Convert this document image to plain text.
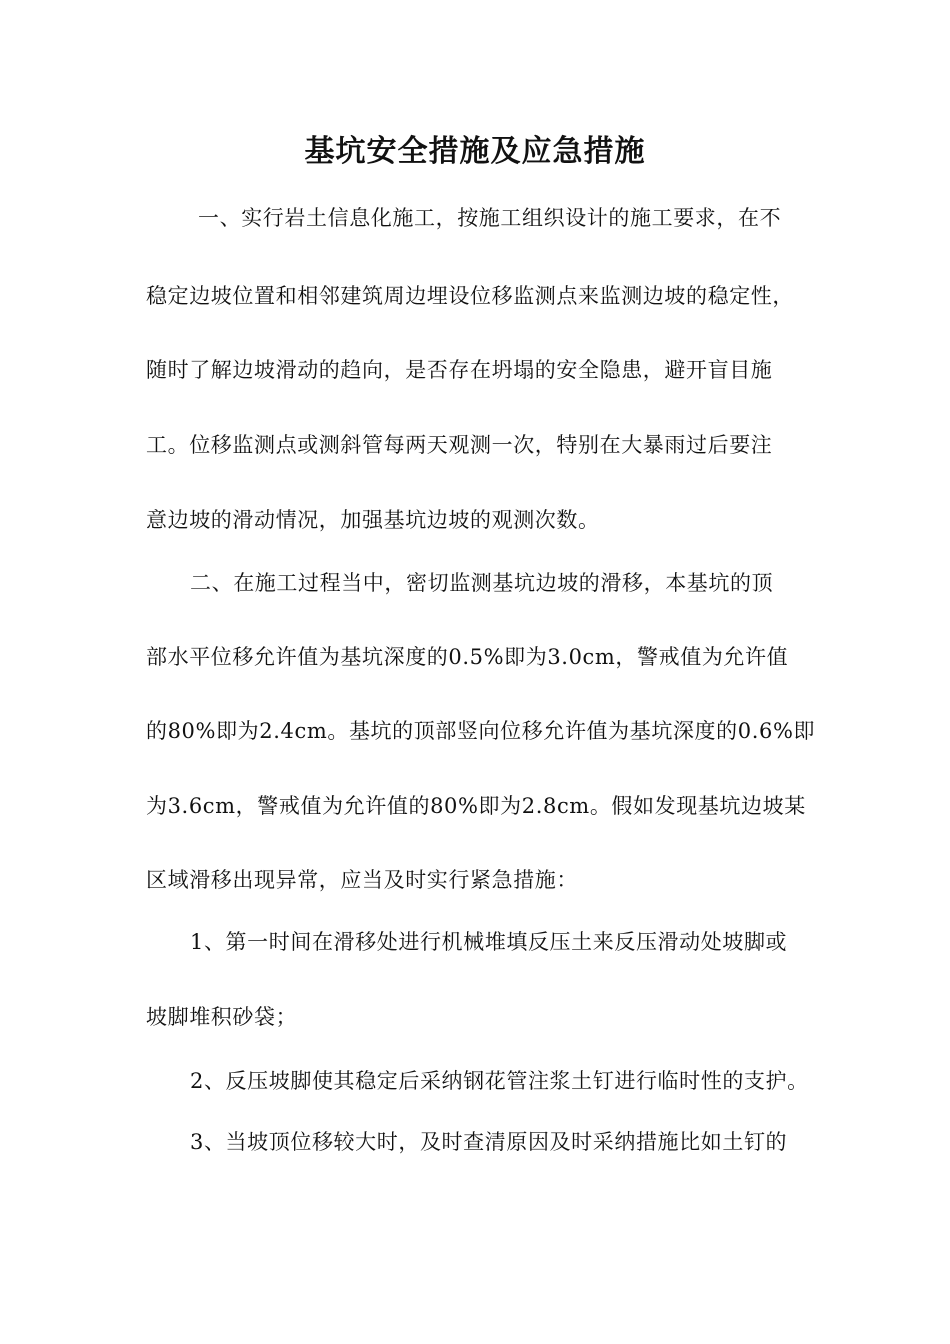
基坑安全措施及应急措施
一、实行岩土信息化施工，按施工组织设计的施工要求，在不
稳定边坡位置和相邻建筑周边埋设位移监测点来监测边坡的稳定性，
随时了解边坡滑动的趋向，是否存在坍塌的安全隐患，避开盲目施
工。位移监测点或测斜管每两天观测一次，特别在大暴雨过后要注
意边坡的滑动情况，加强基坑边坡的观测次数。
二、在施工过程当中，密切监测基坑边坡的滑移，本基坑的顶
部水平位移允许值为基坑深度的0.5%即为3.0cm，警戒值为允许值
的80%即为2.4cm。基坑的顶部竖向位移允许值为基坑深度的0.6%即
为3.6cm，警戒值为允许值的80%即为2.8cm。假如发现基坑边坡某
区域滑移出现异常，应当及时实行紧急措施：
1、第一时间在滑移处进行机械堆填反压土来反压滑动处坡脚或
坡脚堆积砂袋；
2、反压坡脚使其稳定后采纳钢花管注浆土钉进行临时性的支护。
3、当坡顶位移较大时，及时查清原因及时采纳措施比如土钉的
